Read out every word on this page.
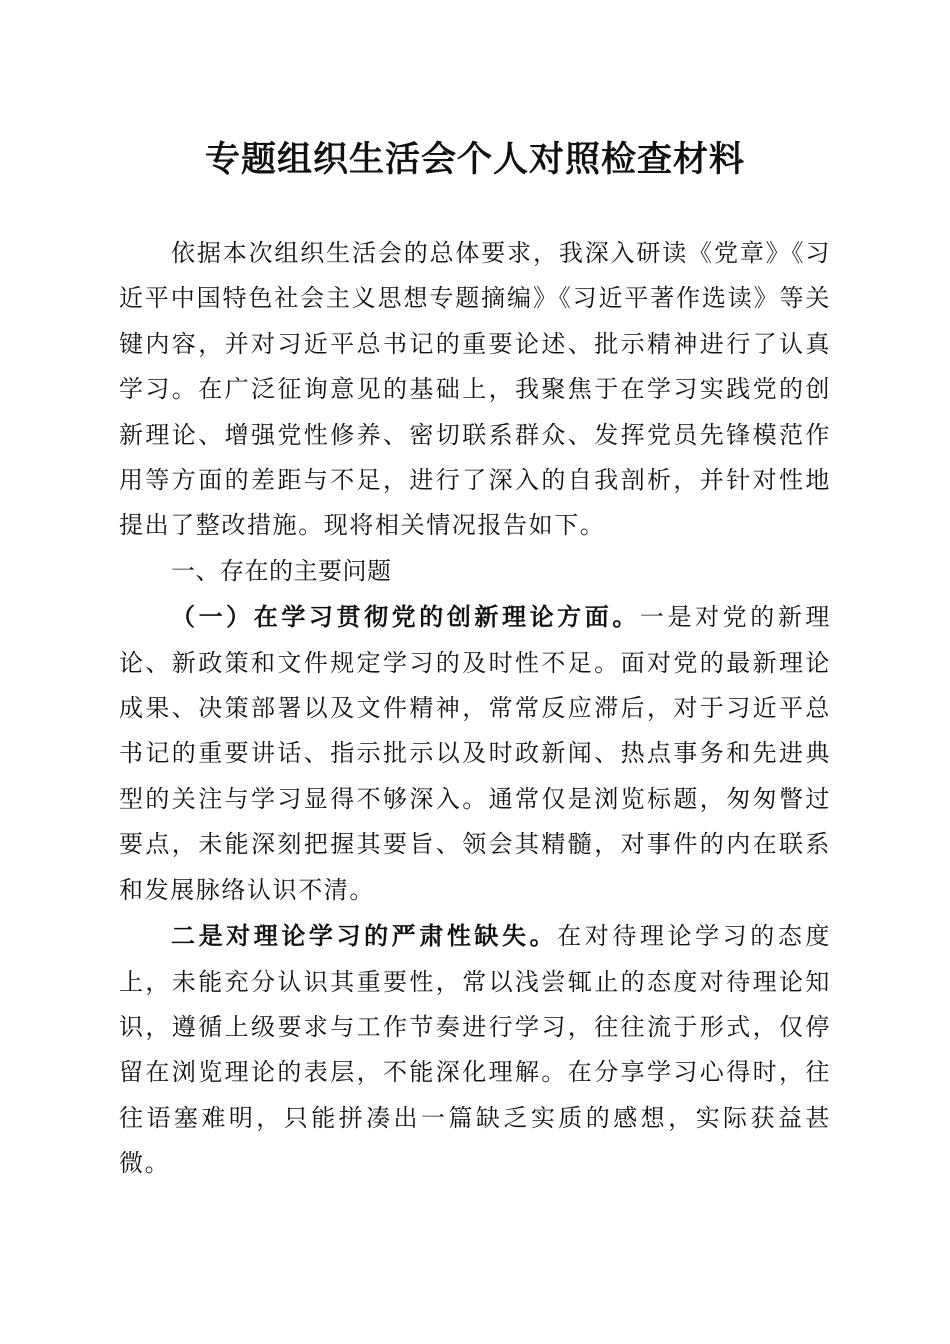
专题组织生活会个人对照检查材料

依据本次组织生活会的总体要求，我深入研读《党章》《习近平中国特色社会主义思想专题摘编》《习近平著作选读》等关键内容，并对习近平总书记的重要论述、批示精神进行了认真学习。在广泛征询意见的基础上，我聚焦于在学习实践党的创新理论、增强党性修养、密切联系群众、发挥党员先锋模范作用等方面的差距与不足，进行了深入的自我剖析，并针对性地提出了整改措施。现将相关情况报告如下。

一、存在的主要问题

（一）在学习贯彻党的创新理论方面。一是对党的新理论、新政策和文件规定学习的及时性不足。面对党的最新理论成果、决策部署以及文件精神，常常反应滞后，对于习近平总书记的重要讲话、指示批示以及时政新闻、热点事务和先进典型的关注与学习显得不够深入。通常仅是浏览标题，匆匆瞥过要点，未能深刻把握其要旨、领会其精髓，对事件的内在联系和发展脉络认识不清。

二是对理论学习的严肃性缺失。在对待理论学习的态度上，未能充分认识其重要性，常以浅尝辄止的态度对待理论知识，遵循上级要求与工作节奏进行学习，往往流于形式，仅停留在浏览理论的表层，不能深化理解。在分享学习心得时，往往语塞难明，只能拼凑出一篇缺乏实质的感想，实际获益甚微。
